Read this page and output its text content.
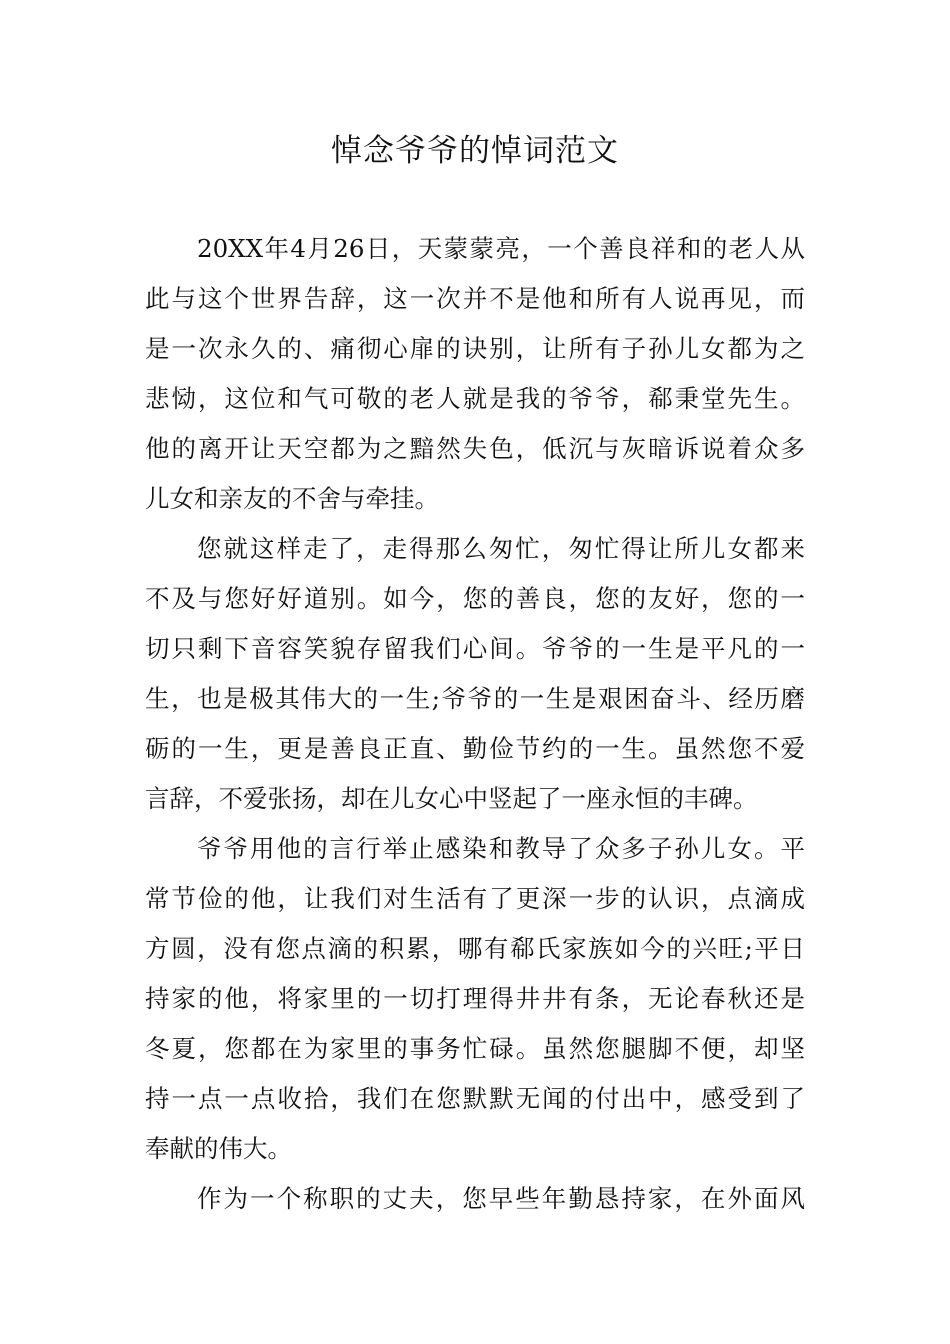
悼念爷爷的悼词范文
20XX年4月26日，天蒙蒙亮，一个善良祥和的老人从
此与这个世界告辞，这一次并不是他和所有人说再见，而
是一次永久的、痛彻心扉的诀别，让所有子孙儿女都为之
悲恸，这位和气可敬的老人就是我的爷爷，郗秉堂先生。
他的离开让天空都为之黯然失色，低沉与灰暗诉说着众多
儿女和亲友的不舍与牵挂。
您就这样走了，走得那么匆忙，匆忙得让所儿女都来
不及与您好好道别。如今，您的善良，您的友好，您的一
切只剩下音容笑貌存留我们心间。爷爷的一生是平凡的一
生，也是极其伟大的一生;爷爷的一生是艰困奋斗、经历磨
砺的一生，更是善良正直、勤俭节约的一生。虽然您不爱
言辞，不爱张扬，却在儿女心中竖起了一座永恒的丰碑。
爷爷用他的言行举止感染和教导了众多子孙儿女。平
常节俭的他，让我们对生活有了更深一步的认识，点滴成
方圆，没有您点滴的积累，哪有郗氏家族如今的兴旺;平日
持家的他，将家里的一切打理得井井有条，无论春秋还是
冬夏，您都在为家里的事务忙碌。虽然您腿脚不便，却坚
持一点一点收拾，我们在您默默无闻的付出中，感受到了
奉献的伟大。
作为一个称职的丈夫，您早些年勤恳持家，在外面风
